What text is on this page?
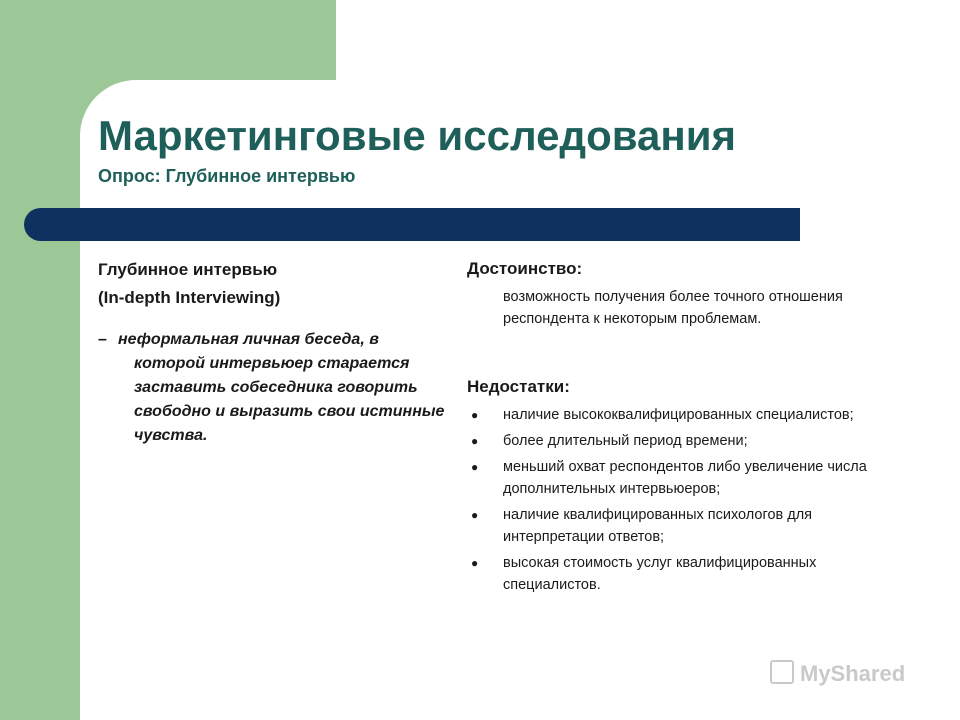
Маркетинговые исследования
Опрос: Глубинное интервью
Глубинное интервью
(In-depth Interviewing)
– неформальная личная беседа, в
которой интервьюер старается заставить собеседника говорить свободно и выразить свои истинные чувства.
Достоинство:
возможность получения более точного отношения респондента к некоторым проблемам.
Недостатки:
● наличие высококвалифицированных специалистов;
● более длительный период времени;
● меньший охват респондентов либо увеличение числа дополнительных интервьюеров;
● наличие квалифицированных психологов для интерпретации ответов;
● высокая стоимость услуг квалифицированных специалистов.
MyShared
